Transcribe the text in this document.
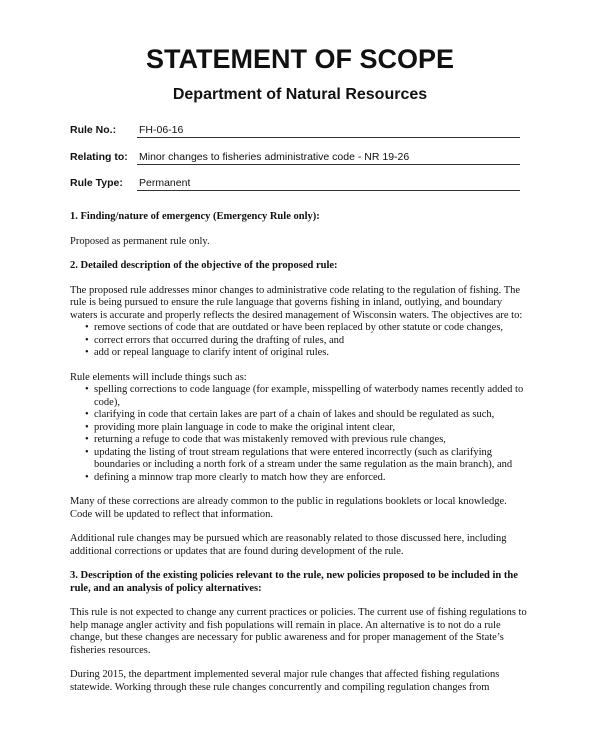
STATEMENT OF SCOPE
Department of Natural Resources
Rule No.: FH-06-16
Relating to: Minor changes to fisheries administrative code - NR 19-26
Rule Type: Permanent
1. Finding/nature of emergency (Emergency Rule only):

Proposed as permanent rule only.

2. Detailed description of the objective of the proposed rule:

The proposed rule addresses minor changes to administrative code relating to the regulation of fishing. The rule is being pursued to ensure the rule language that governs fishing in inland, outlying, and boundary waters is accurate and properly reflects the desired management of Wisconsin waters. The objectives are to:

• remove sections of code that are outdated or have been replaced by other statute or code changes,
• correct errors that occurred during the drafting of rules, and
• add or repeal language to clarify intent of original rules.

Rule elements will include things such as:

• spelling corrections to code language (for example, misspelling of waterbody names recently added to code),
• clarifying in code that certain lakes are part of a chain of lakes and should be regulated as such,
• providing more plain language in code to make the original intent clear,
• returning a refuge to code that was mistakenly removed with previous rule changes,
• updating the listing of trout stream regulations that were entered incorrectly (such as clarifying boundaries or including a north fork of a stream under the same regulation as the main branch), and
• defining a minnow trap more clearly to match how they are enforced.

Many of these corrections are already common to the public in regulations booklets or local knowledge. Code will be updated to reflect that information.

Additional rule changes may be pursued which are reasonably related to those discussed here, including additional corrections or updates that are found during development of the rule.

3. Description of the existing policies relevant to the rule, new policies proposed to be included in the rule, and an analysis of policy alternatives:

This rule is not expected to change any current practices or policies. The current use of fishing regulations to help manage angler activity and fish populations will remain in place. An alternative is to not do a rule change, but these changes are necessary for public awareness and for proper management of the State’s fisheries resources.

During 2015, the department implemented several major rule changes that affected fishing regulations statewide. Working through these rule changes concurrently and compiling regulation changes from
